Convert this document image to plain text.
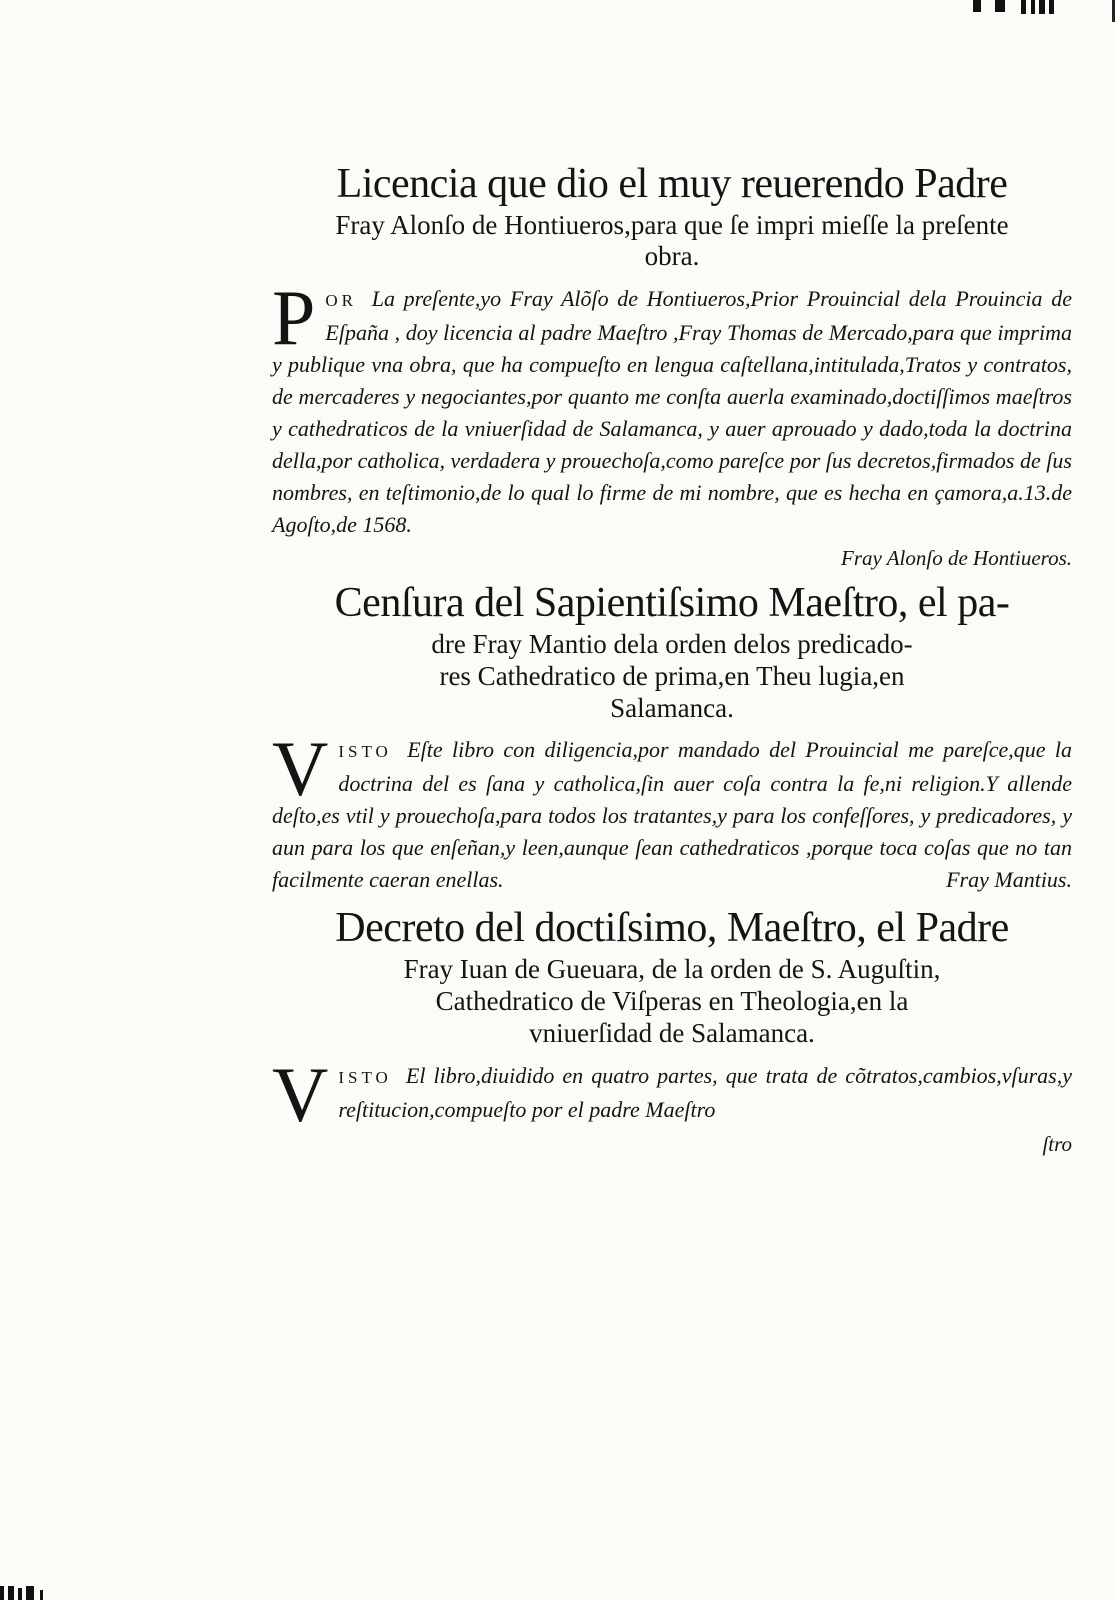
Licencia que dio el muy reuerendo Padre
Fray Alonſo de Hontiueros,para que ſe impri mieſſe la preſente obra.

P OR La preſente,yo Fray Alõſo de Hontiueros,Prior Prouincial dela Prouincia de Eſpaña , doy licencia al padre Maeſtro ,Fray Thomas de Mercado,para que imprima y publique vna obra, que ha compueſto en lengua caſtellana,intitulada,Tratos y contratos, de mercaderes y negociantes,por quanto me conſta auerla examinado,doctiſſimos maeſtros y cathedraticos de la vniuerſidad de Salamanca, y auer aprouado y dado,toda la doctrina della,por catholica, verdadera y prouechoſa,como pareſce por ſus decretos,firmados de ſus nombres, en teſtimonio,de lo qual lo firme de mi nombre, que es hecha en çamora,a.13.de Agoſto,de 1568.

Fray Alonſo de Hontiueros.

Cenſura del Sapientiſsimo Maeſtro, el pa-
dre Fray Mantio dela orden delos predicado- res Cathedratico de prima,en Theu lugia,en Salamanca.

V ISTO Eſte libro con diligencia,por mandado del Prouincial me pareſce,que la doctrina del es ſana y catholica,ſin auer coſa contra la fe,ni religion.Y allende deſto,es vtil y prouechoſa,para todos los tratantes,y para los confeſſores, y predicadores, y aun para los que enſeñan,y leen,aunque ſean cathedraticos ,porque toca coſas que no tan facilmente caeran enellas.	Fray Mantius.

Decreto del doctiſsimo, Maeſtro, el Padre
Fray Iuan de Gueuara, de la orden de S. Auguſtin, Cathedratico de Viſperas en Theologia,en la vniuerſidad de Salamanca.

V ISTO El libro,diuidido en quatro partes, que trata de cõtratos,cambios,vſuras,y reſtitucion,compueſto por el padre Maeſtro

ſtro
